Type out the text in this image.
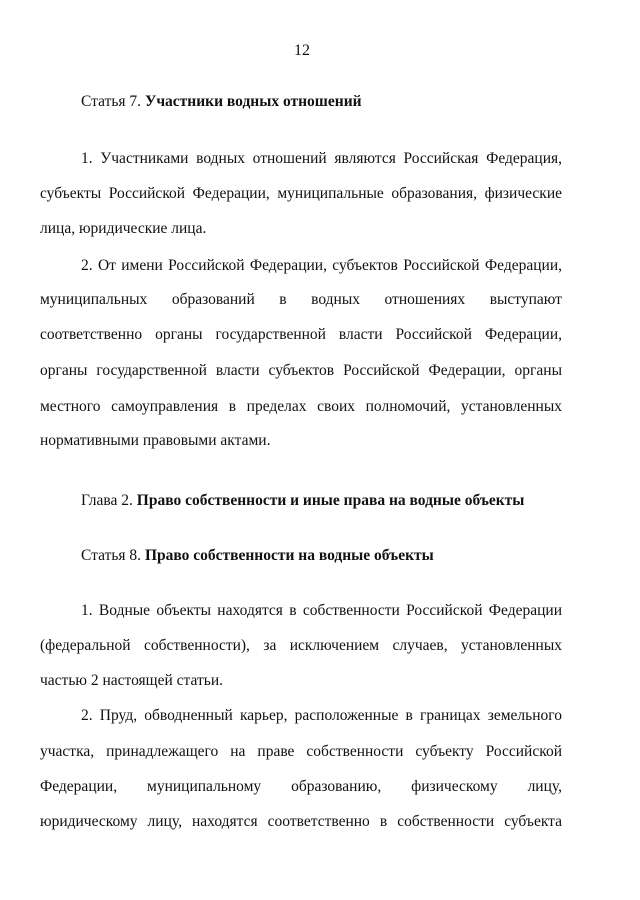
12
Статья 7. Участники водных отношений
1. Участниками водных отношений являются Российская Федерация,
субъекты Российской Федерации, муниципальные образования, физические
лица, юридические лица.
2. От имени Российской Федерации, субъектов Российской Федерации,
муниципальных образований в водных отношениях выступают
соответственно органы государственной власти Российской Федерации,
органы государственной власти субъектов Российской Федерации, органы
местного самоуправления в пределах своих полномочий, установленных
нормативными правовыми актами.
Глава 2. Право собственности и иные права на водные объекты
Статья 8. Право собственности на водные объекты
1. Водные объекты находятся в собственности Российской Федерации
(федеральной собственности), за исключением случаев, установленных
частью 2 настоящей статьи.
2. Пруд, обводненный карьер, расположенные в границах земельного
участка, принадлежащего на праве собственности субъекту Российской
Федерации, муниципальному образованию, физическому лицу,
юридическому лицу, находятся соответственно в собственности субъекта
